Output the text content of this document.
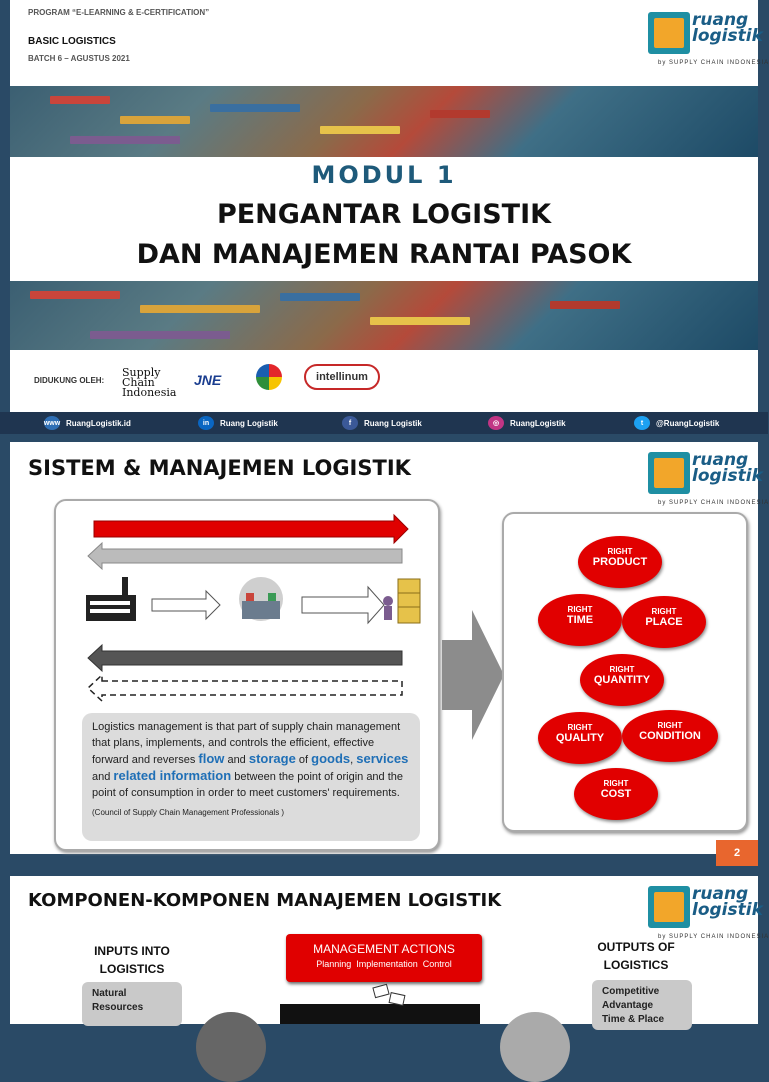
PROGRAM “E-LEARNING & E-CERTIFICATION”
BASIC LOGISTICS
BATCH 6 – AGUSTUS 2021
ruang
logistik
by SUPPLY CHAIN INDONESIA
MODUL 1
PENGANTAR LOGISTIK
DAN MANAJEMEN RANTAI PASOK
DIDUKUNG OLEH:
Supply Chain Indonesia
JNE	intellinum
www RuangLogistik.id	in	Ruang Logistik	f	Ruang Logistik	◎	RuangLogistik	t	@RuangLogistik
SISTEM & MANAJEMEN LOGISTIK	ruang
logistik
by SUPPLY CHAIN INDONESIA
Logistics management is that part of supply chain management that plans, implements, and controls the efficient, effective forward and reverses flow and storage of goods, services
and related information between the point of origin and the point of consumption in order to meet customers' requirements.
(Council of Supply Chain Management Professionals )
RIGHT
PRODUCT
RIGHT
TIME
RIGHT
PLACE
RIGHT
QUANTITY
RIGHT
QUALITY
RIGHT
CONDITION
RIGHT
COST
2
KOMPONEN-KOMPONEN MANAJEMEN LOGISTIK	ruang
logistik
by SUPPLY CHAIN INDONESIA
INPUTS INTO LOGISTICS
Natural Resources
MANAGEMENT ACTIONS
Planning  Implementation  Control
OUTPUTS OF LOGISTICS
Competitive Advantage
Time & Place
